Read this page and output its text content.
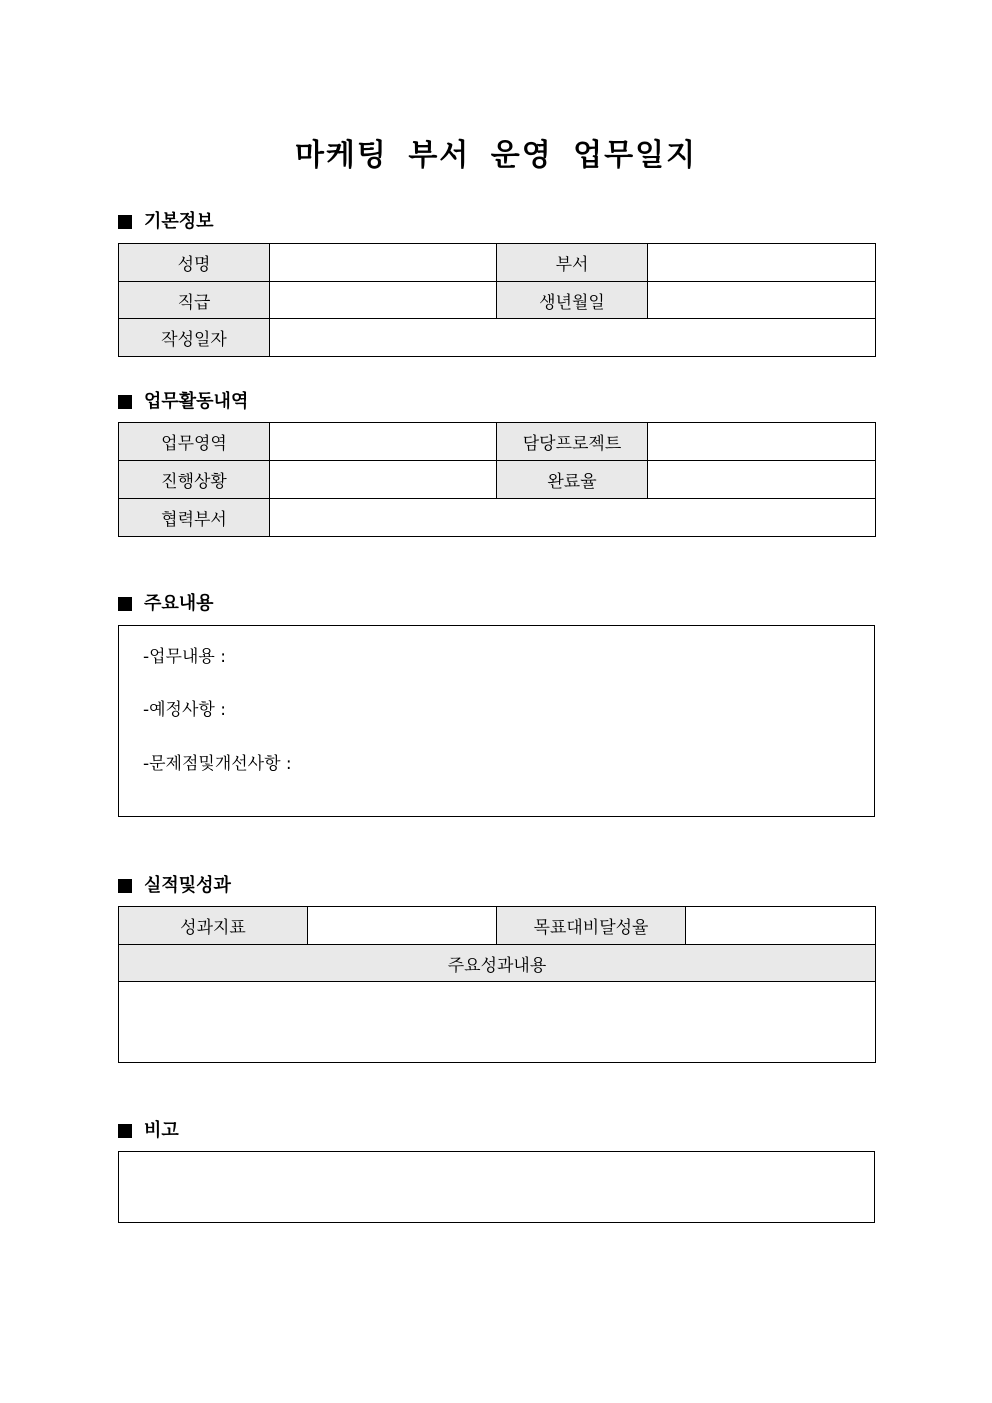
마케팅 부서 운영 업무일지
기본정보
성명		부서	
직급		생년월일	
작성일자			
업무활동내역
업무영역		담당프로젝트	
진행상황		완료율	
협력부서			
주요내용
-업무내용 :
-예정사항 :
-문제점및개선사항 :
실적및성과
성과지표		목표대비달성율	
주요성과내용

비고
